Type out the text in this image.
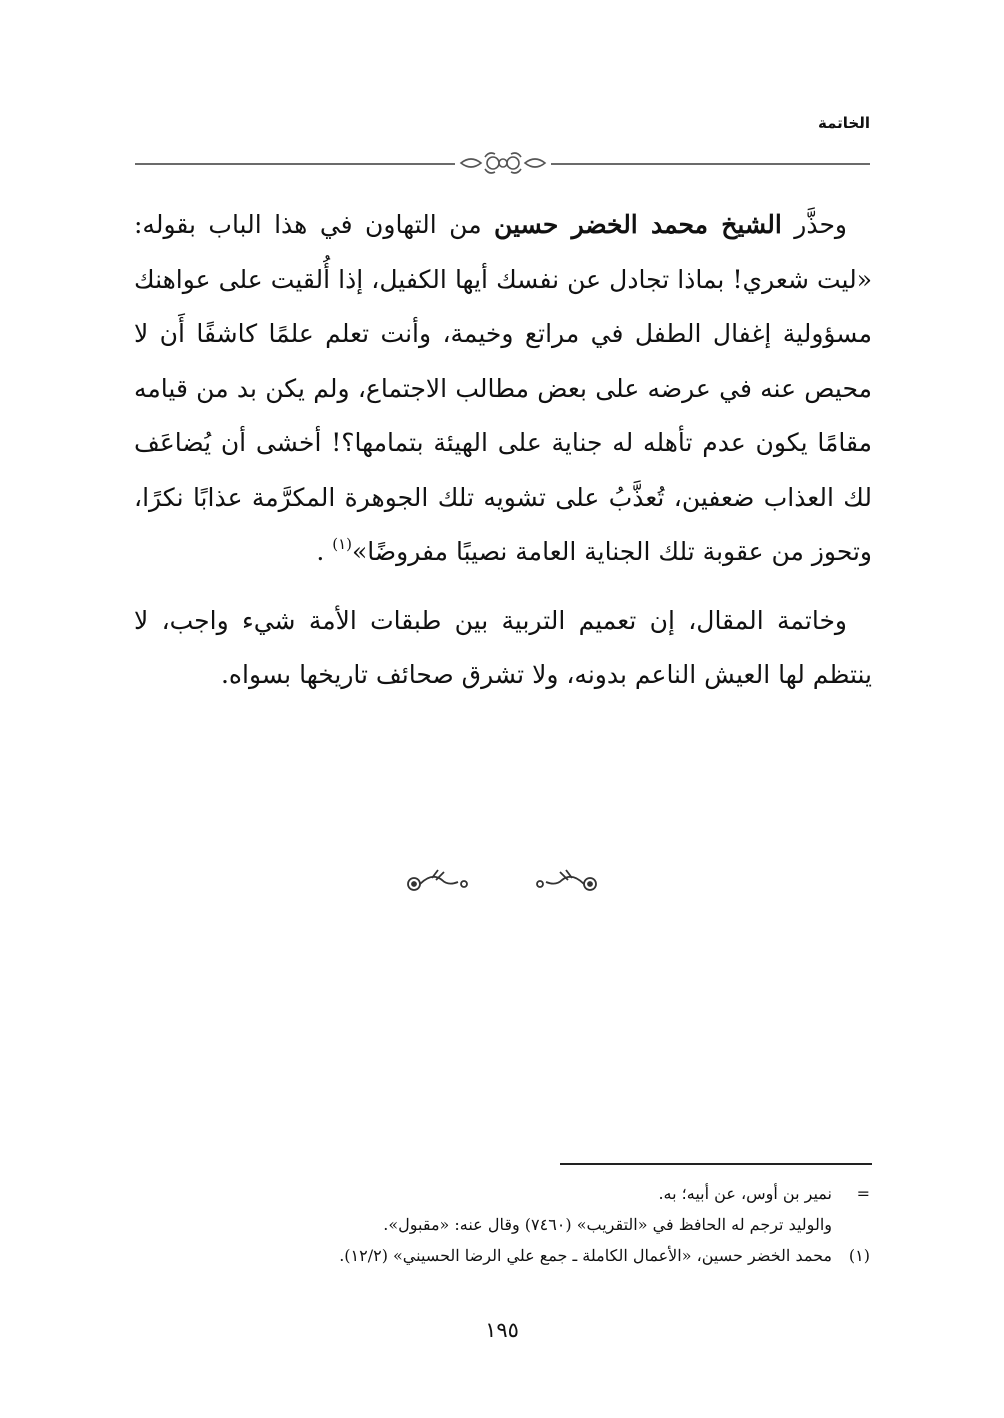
الخاتمة

 وحذَّر الشيخ محمد الخضر حسين من التهاون في هذا الباب بقوله: «ليت شعري! بماذا تجادل عن نفسك أيها الكفيل، إذا أُلقيت على عواهنك مسؤولية إغفال الطفل في مراتع وخيمة، وأنت تعلم علمًا كاشفًا أَن لا محيص عنه في عرضه على بعض مطالب الاجتماع، ولم يكن بد من قيامه مقامًا يكون عدم تأهله له جناية على الهيئة بتمامها؟! أخشى أن يُضاعَف لك العذاب ضعفين، تُعذَّبُ على تشويه تلك الجوهرة المكرَّمة عذابًا نكرًا، وتحوز من عقوبة تلك الجناية العامة نصيبًا مفروضًا»$^{(١)}$ .

 وخاتمة المقال، إن تعميم التربية بين طبقات الأمة شيء واجب، لا ينتظم لها العيش الناعم بدونه، ولا تشرق صحائف تاريخها بسواه.

=نمير بن أوس، عن أبيه؛ به.
والوليد ترجم له الحافظ في «التقريب» (٧٤٦٠) وقال عنه: «مقبول».
(١)محمد الخضر حسين، «الأعمال الكاملة ـ جمع علي الرضا الحسيني» (١٢/٢).
١٩٥
